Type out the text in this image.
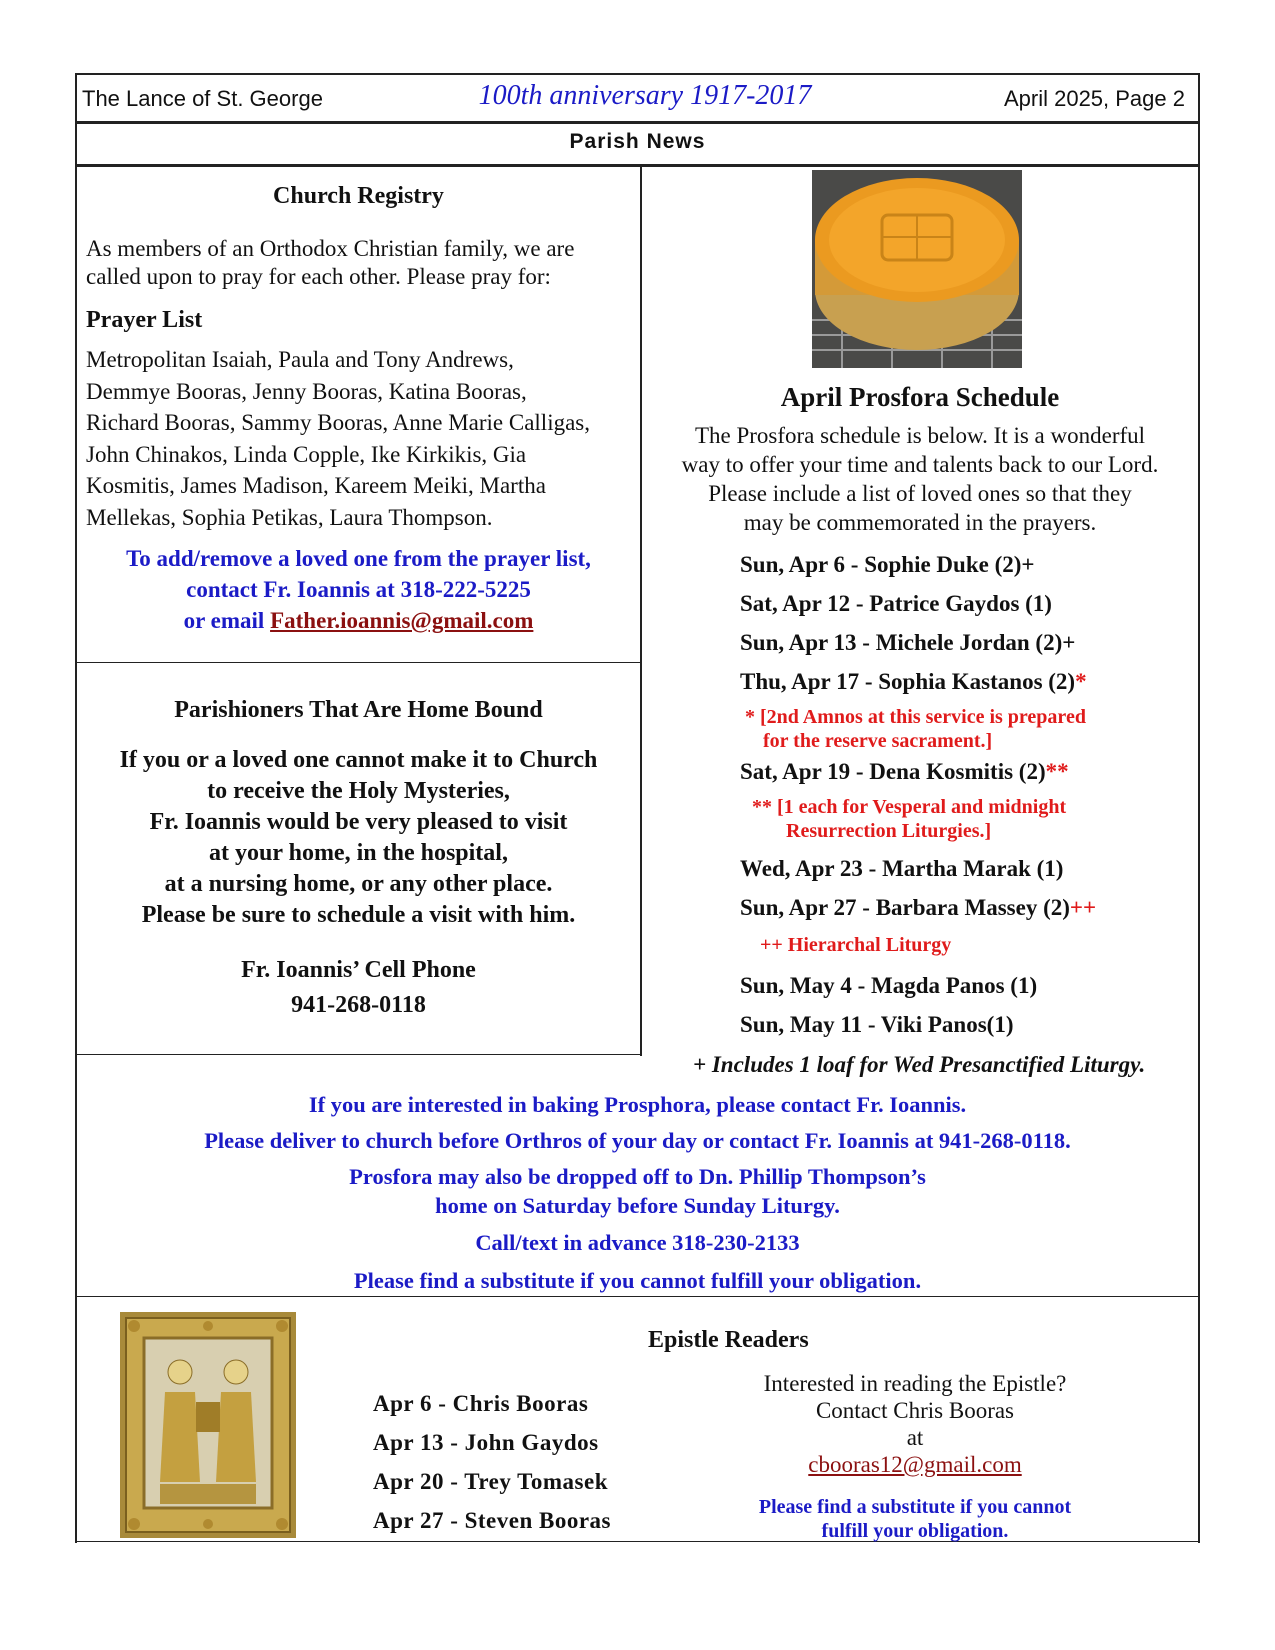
The Lance of St. George	100th anniversary 1917-2017	April 2025, Page 2
Parish News
Church Registry
As members of an Orthodox Christian family, we are called upon to pray for each other. Please pray for:
Prayer List

Metropolitan Isaiah, Paula and Tony Andrews,

Demmye Booras, Jenny Booras, Katina Booras,

Richard Booras, Sammy Booras, Anne Marie Calligas,

John Chinakos, Linda Copple, Ike Kirkikis, Gia

Kosmitis, James Madison, Kareem Meiki, Martha

Mellekas, Sophia Petikas, Laura Thompson.

To add/remove a loved one from the prayer list,
contact Fr. Ioannis at 318-222-5225
or email Father.ioannis@gmail.com
Parishioners That Are Home Bound
If you or a loved one cannot make it to Church
to receive the Holy Mysteries,
Fr. Ioannis would be very pleased to visit
at your home, in the hospital,
at a nursing home, or any other place.
Please be sure to schedule a visit with him.
Fr. Ioannis’ Cell Phone
941-268-0118
April Prosfora Schedule
The Prosfora schedule is below. It is a wonderful
way to offer your time and talents back to our Lord.
Please include a list of loved ones so that they
may be commemorated in the prayers.
Sun, Apr 6 - Sophie Duke (2)+
Sat, Apr 12 - Patrice Gaydos (1)
Sun, Apr 13 - Michele Jordan (2)+
Thu, Apr 17 - Sophia Kastanos (2)*
* [2nd Amnos at this service is prepared
for the reserve sacrament.]
Sat, Apr 19 - Dena Kosmitis (2)**
** [1 each for Vesperal and midnight
Resurrection Liturgies.]
Wed, Apr 23 - Martha Marak (1)
Sun, Apr 27 - Barbara Massey (2)++
++ Hierarchal Liturgy
Sun, May 4 - Magda Panos (1)
Sun, May 11 - Viki Panos(1)
+ Includes 1 loaf for Wed Presanctified Liturgy.
If you are interested in baking Prosphora, please contact Fr. Ioannis.
Please deliver to church before Orthros of your day or contact Fr. Ioannis at 941-268-0118.
Prosfora may also be dropped off to Dn. Phillip Thompson’s
home on Saturday before Sunday Liturgy.
Call/text in advance 318-230-2133
Please find a substitute if you cannot fulfill your obligation.
Epistle Readers
Apr 6 - Chris Booras
Apr 13 - John Gaydos
Apr 20 - Trey Tomasek
Apr 27 - Steven Booras
Interested in reading the Epistle?
Contact Chris Booras
at
cbooras12@gmail.com
Please find a substitute if you cannot
fulfill your obligation.
